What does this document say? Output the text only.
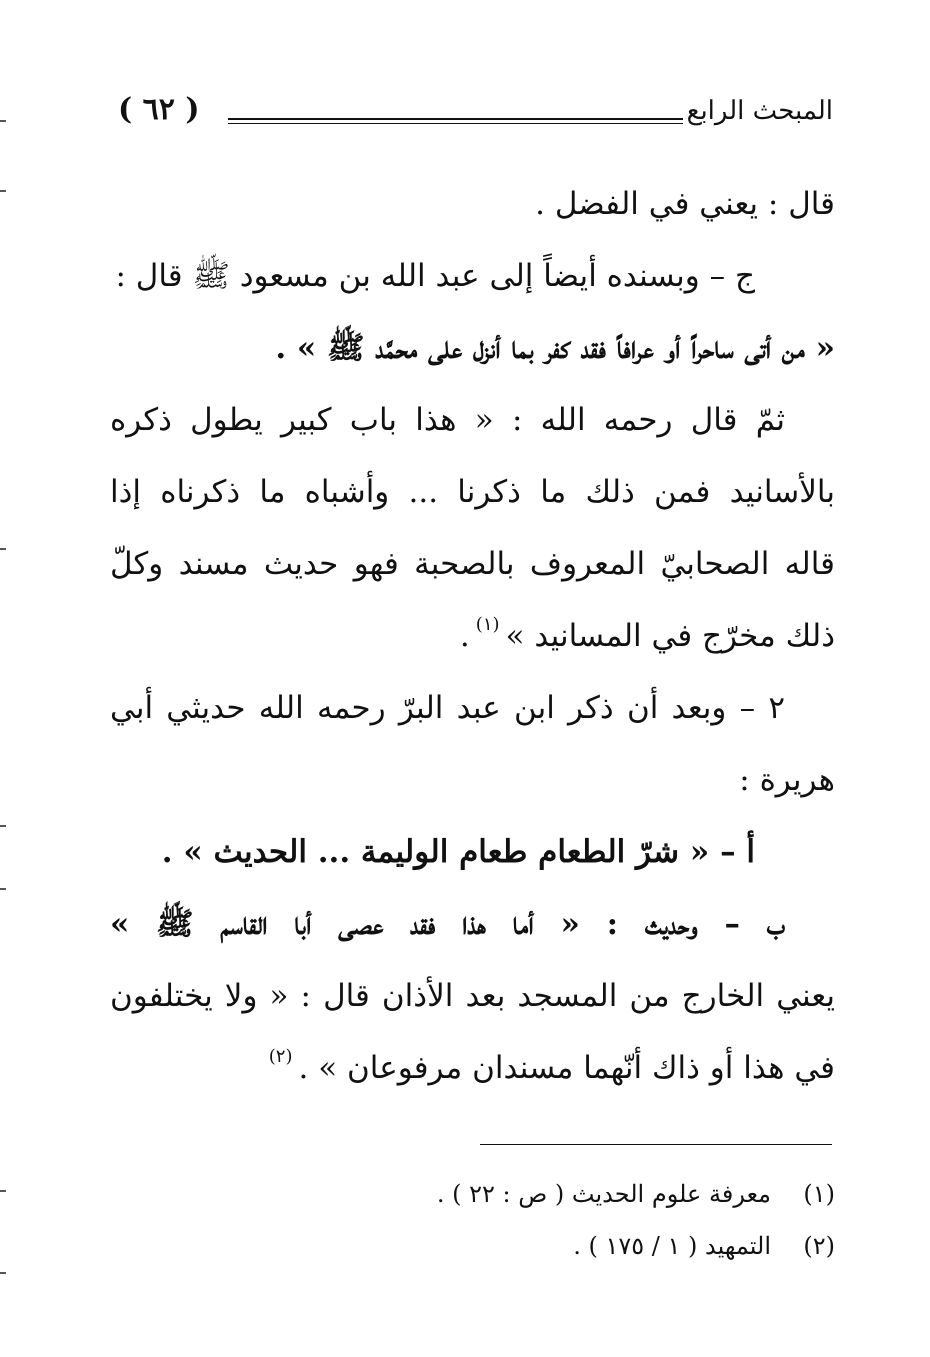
( ٦٢ )	المبحث الرابع
قال : يعني في الفضل .
ج – وبسنده أيضاً إلى عبد الله بن مسعود ﷺ قال :
« من أتى ساحراً أو عرافاً فقد كفر بما أنزل على محمَّد ﷺ » .
ثمّ قال رحمه الله : « هذا باب كبير يطول ذكره
بالأسانيد فمن ذلك ما ذكرنا ... وأشباه ما ذكرناه إذا
قاله الصحابيّ المعروف بالصحبة فهو حديث مسند وكلّ
ذلك مخرّج في المسانيد »$^{(١)}$.
٢ – وبعد أن ذكر ابن عبد البرّ رحمه الله حديثي أبي
هريرة :
أ – « شرّ الطعام طعام الوليمة ... الحديث » .
ب – وحديث : « أما هذا فقد عصى أبا القاسم ﷺ »
يعني الخارج من المسجد بعد الأذان قال : « ولا يختلفون
في هذا أو ذاك أنّهما مسندان مرفوعان » .$^{(٢)}$
(١)معرفة علوم الحديث ( ص : ٢٢ ) .
(٢)التمهيد ( ١ / ١٧٥ ) .
